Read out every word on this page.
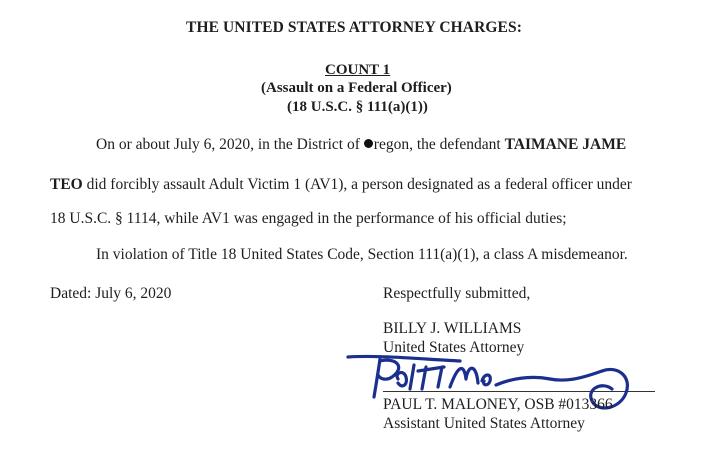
THE UNITED STATES ATTORNEY CHARGES:
COUNT 1
(Assault on a Federal Officer)
(18 U.S.C. § 111(a)(1))
On or about July 6, 2020, in the District of regon, the defendant TAIMANE JAME
TEO did forcibly assault Adult Victim 1 (AV1), a person designated as a federal officer under
18 U.S.C. § 1114, while AV1 was engaged in the performance of his official duties;
In violation of Title 18 United States Code, Section 111(a)(1), a class A misdemeanor.
Dated: July 6, 2020	Respectfully submitted,
BILLY J. WILLIAMS
United States Attorney
PAUL T. MALONEY, OSB #013366
Assistant United States Attorney
